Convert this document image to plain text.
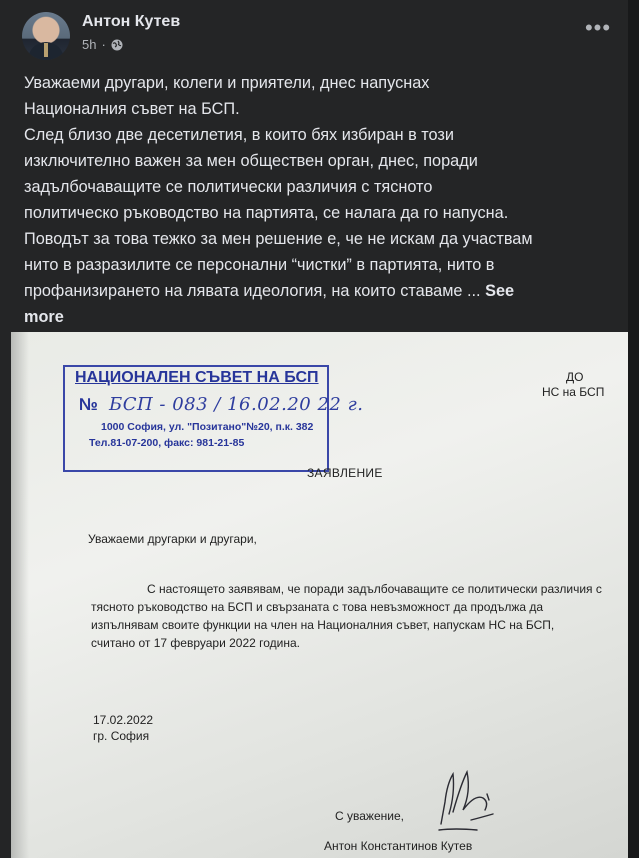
Антон Кутев
5h ·
•••
Уважаеми другари, колеги и приятели, днес напуснах
Националния съвет на БСП.
След близо две десетилетия, в които бях избиран в този
изключително важен за мен обществен орган, днес, поради
задълбочаващите се политически различия с тясното
политическо ръководство на партията, се налага да го напусна.
Поводът за това тежко за мен решение е, че не искам да участвам
нито в разразилите се персонални “чистки” в партията, нито в
профанизирането на лявата идеология, на които ставаме ... See
more
НАЦИОНАЛЕН СЪВЕТ НА БСП
№ БСП - 083 / 16.02.20 22 г.
1000 София, ул. "Позитано"№20, п.к. 382
Тел.81-07-200, факс: 981-21-85
ДО
НС на БСП
ЗАЯВЛЕНИЕ
Уважаеми другарки и другари,
С настоящето заявявам, че поради задълбочаващите се политически различия с
тясното ръководство на БСП и свързаната с това невъзможност да продължа да
изпълнявам своите функции на член на Националния съвет, напускам НС на БСП,
считано от 17 февруари 2022 година.
17.02.2022
гр. София
С уважение,
Антон Константинов Кутев
